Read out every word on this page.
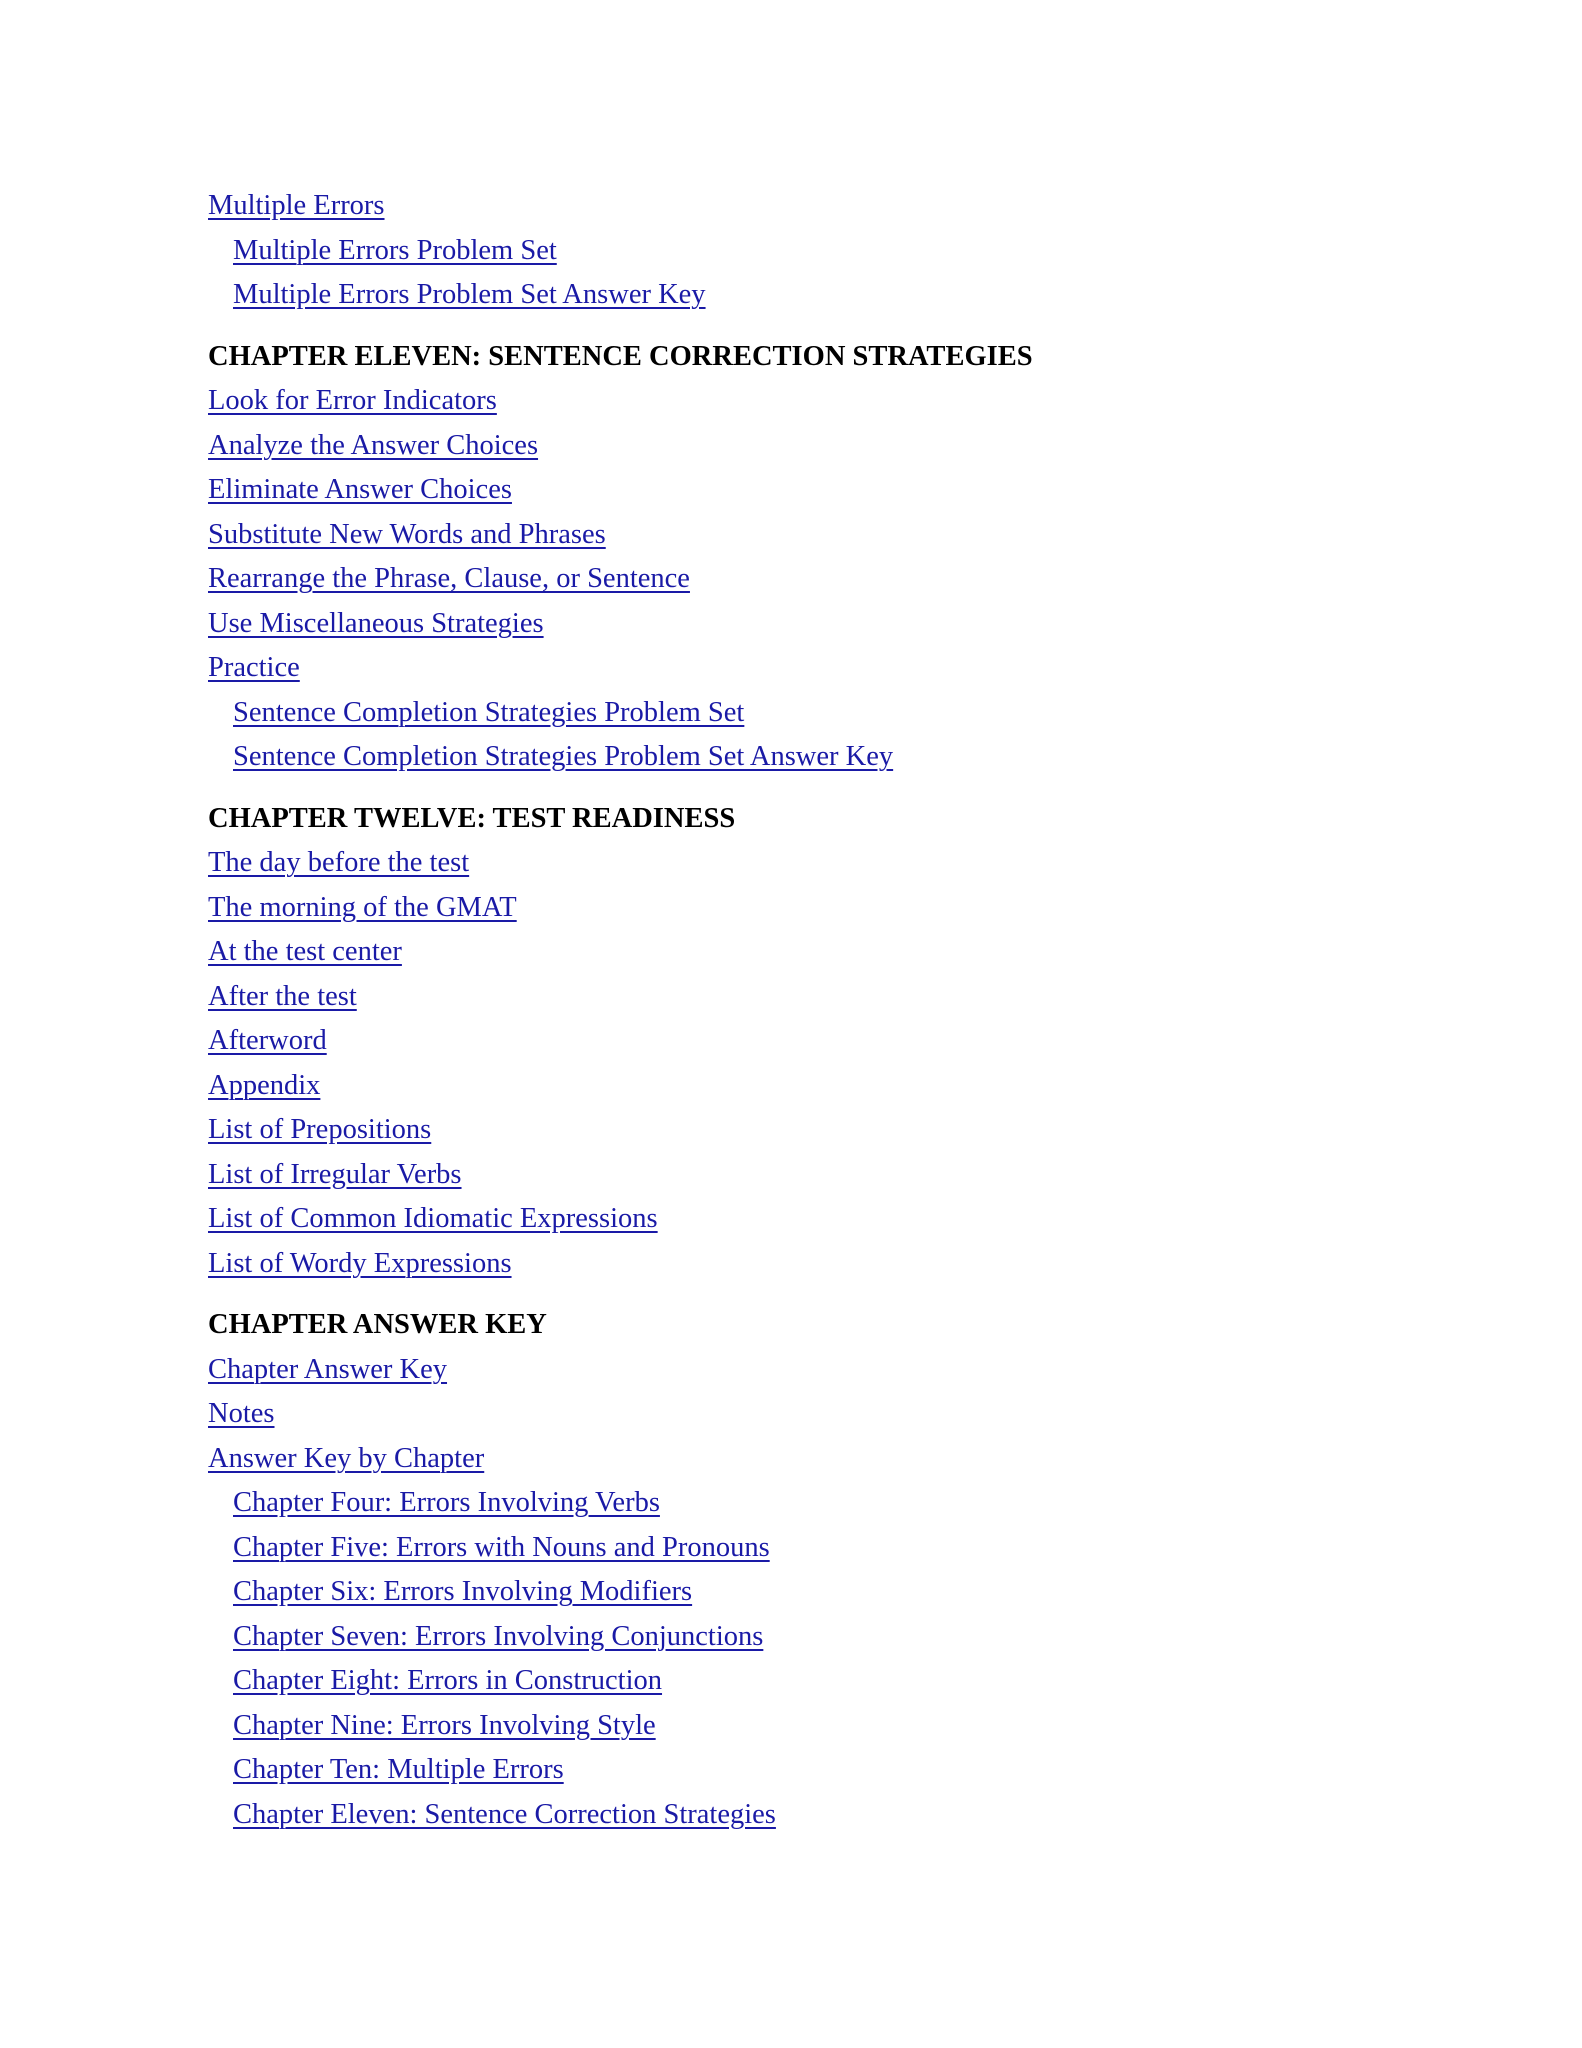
Multiple Errors
Multiple Errors Problem Set
Multiple Errors Problem Set Answer Key
CHAPTER ELEVEN: SENTENCE CORRECTION STRATEGIES
Look for Error Indicators
Analyze the Answer Choices
Eliminate Answer Choices
Substitute New Words and Phrases
Rearrange the Phrase, Clause, or Sentence
Use Miscellaneous Strategies
Practice
Sentence Completion Strategies Problem Set
Sentence Completion Strategies Problem Set Answer Key
CHAPTER TWELVE: TEST READINESS
The day before the test
The morning of the GMAT
At the test center
After the test
Afterword
Appendix
List of Prepositions
List of Irregular Verbs
List of Common Idiomatic Expressions
List of Wordy Expressions
CHAPTER ANSWER KEY
Chapter Answer Key
Notes
Answer Key by Chapter
Chapter Four: Errors Involving Verbs
Chapter Five: Errors with Nouns and Pronouns
Chapter Six: Errors Involving Modifiers
Chapter Seven: Errors Involving Conjunctions
Chapter Eight: Errors in Construction
Chapter Nine: Errors Involving Style
Chapter Ten: Multiple Errors
Chapter Eleven: Sentence Correction Strategies
